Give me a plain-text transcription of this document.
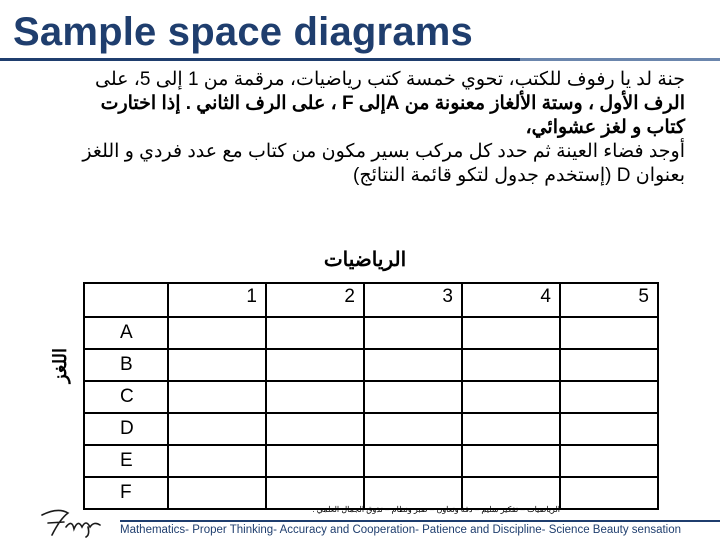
Sample space diagrams
جنة لد يا رفوف للكتب، تحوي خمسة كتب رياضيات، مرقمة من 1 إلى 5، على
الرف الأول ، وستة الألغاز معنونة من Aإلى F ، على الرف الثاني . إذا اختارت
كتاب و لغز عشوائي،
أوجد فضاء العينة ثم حدد كل مركب بسير مكون من كتاب مع عدد فردي و اللغز
بعنوان D (إستخدم جدول لتكو قائمة النتائج)
الرياضيات
اللغز
	1	2	3	4	5
A					
B					
C					
D					
E					
F					
الرياضيات – تفكير سليم – دقة وتعاون – صبر ونظام – تذوق الجمال العلمي .
Mathematics- Proper Thinking- Accuracy and Cooperation- Patience and Discipline- Science Beauty sensation
